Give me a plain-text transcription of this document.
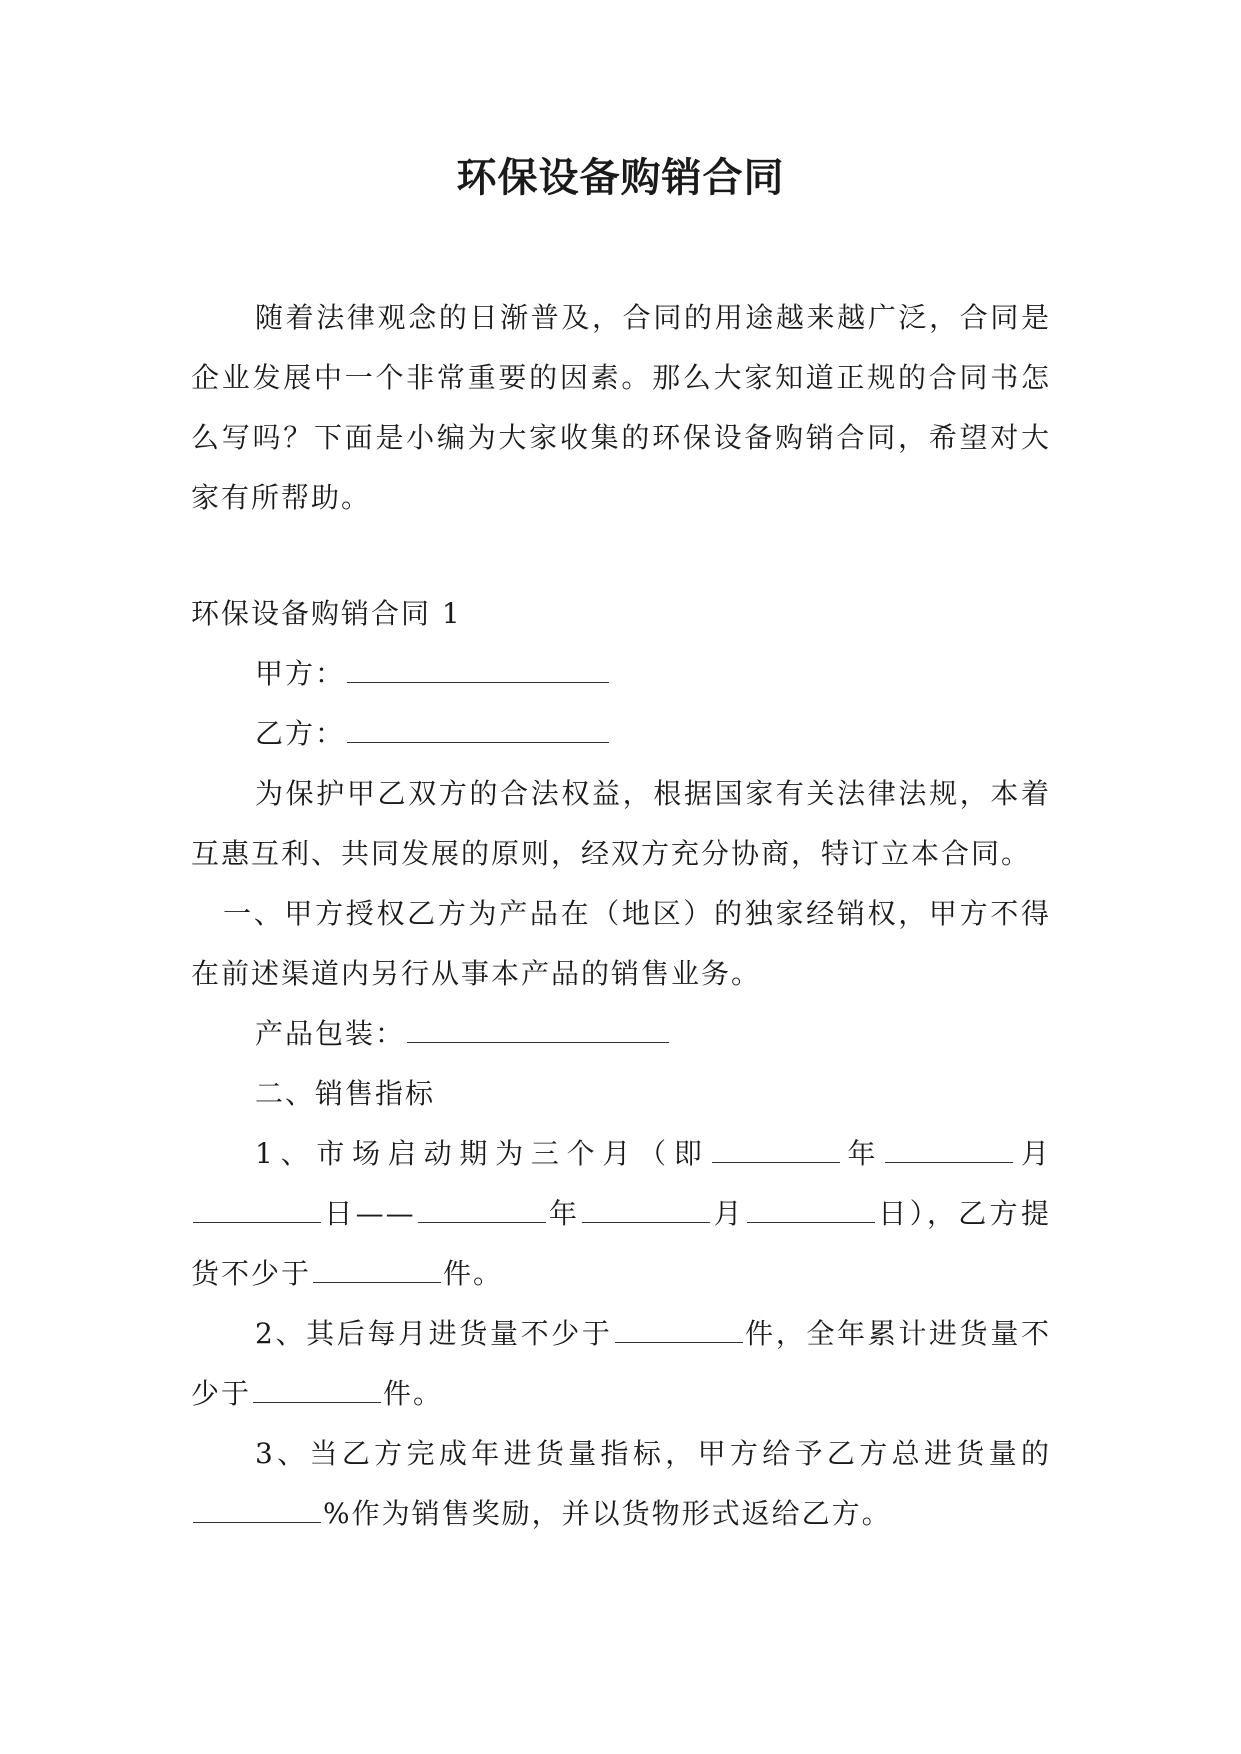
环保设备购销合同

随着法律观念的日渐普及，合同的用途越来越广泛，合同是企业发展中一个非常重要的因素。那么大家知道正规的合同书怎么写吗？下面是小编为大家收集的环保设备购销合同，希望对大家有所帮助。

环保设备购销合同 1

甲方：

乙方：

为保护甲乙双方的合法权益，根据国家有关法律法规，本着互惠互利、共同发展的原则，经双方充分协商，特订立本合同。

一、甲方授权乙方为产品在（地区）的独家经销权，甲方不得在前述渠道内另行从事本产品的销售业务。

产品包装：

二、销售指标

1、市场启动期为三个月（即	年	月日——	年	月	日），乙方提货不少于	件。

2、其后每月进货量不少于	件，全年累计进货量不少于	件。

3、当乙方完成年进货量指标，甲方给予乙方总进货量的%作为销售奖励，并以货物形式返给乙方。
